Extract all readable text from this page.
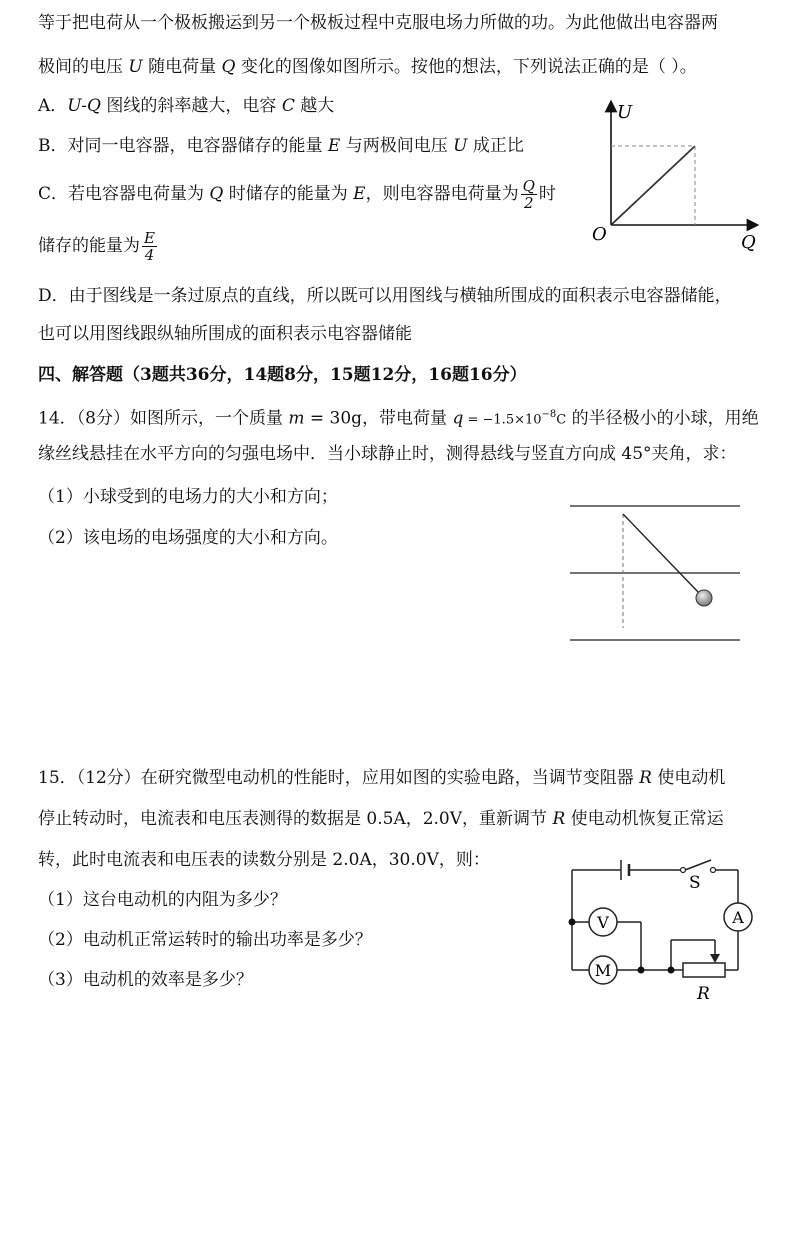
等于把电荷从一个极板搬运到另一个极板过程中克服电场力所做的功。为此他做出电容器两
极间的电压 U 随电荷量 Q 变化的图像如图所示。按他的想法，下列说法正确的是（ ）。
A．U-Q 图线的斜率越大，电容 C 越大
B．对同一电容器，电容器储存的能量 E 与两极间电压 U 成正比
C．若电容器电荷量为 Q 时储存的能量为 E，则电容器电荷量为 $\frac{Q}{2}$ 时
储存的能量为 $\frac{E}{4}$
D．由于图线是一条过原点的直线，所以既可以用图线与横轴所围成的面积表示电容器储能，
也可以用图线跟纵轴所围成的面积表示电容器储能
U
O	Q
四、解答题（3题共36分，14题8分，15题12分，16题16分）
14．（8分）如图所示，一个质量 m = 30g，带电荷量 $q = -1.5\times 10^{-8}C$ 的半径极小的小球，用绝
缘丝线悬挂在水平方向的匀强电场中．当小球静止时，测得悬线与竖直方向成 45°夹角，求：
（1）小球受到的电场力的大小和方向；
（2）该电场的电场强度的大小和方向。
15．（12分）在研究微型电动机的性能时，应用如图的实验电路，当调节变阻器 R 使电动机
停止转动时，电流表和电压表测得的数据是 0.5A，2.0V，重新调节 R 使电动机恢复正常运
转，此时电流表和电压表的读数分别是 2.0A，30.0V，则：
（1）这台电动机的内阻为多少？
（2）电动机正常运转时的输出功率是多少？
（3）电动机的效率是多少？
V	A
M
S
R
